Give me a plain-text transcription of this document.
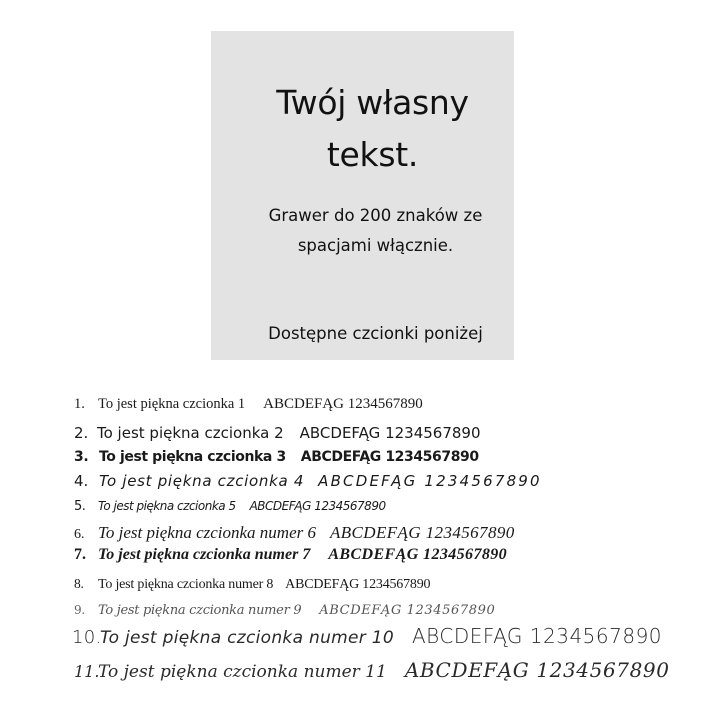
Twój własny
tekst.
Grawer do 200 znaków ze
spacjami włącznie.
Dostępne czcionki poniżej
1. To jest piękna czcionka 1 ABCDEFĄG 1234567890
2. To jest piękna czcionka 2 ABCDEFĄG 1234567890
3. To jest piękna czcionka 3 ABCDEFĄG 1234567890
4. To jest piękna czcionka 4 ABCDEFĄG 1234567890
5. To jest piękna czcionka 5 ABCDEFĄG 1234567890
6. To jest piękna czcionka numer 6 ABCDEFĄG 1234567890
7. To jest piękna czcionka numer 7 ABCDEFĄG 1234567890
8. To jest piękna czcionka numer 8 ABCDEFĄG 1234567890
9. To jest piękna czcionka numer 9 ABCDEFĄG 1234567890
10.To jest piękna czcionka numer 10 ABCDEFĄG 1234567890
11.To jest piękna czcionka numer 11 ABCDEFĄG 1234567890
